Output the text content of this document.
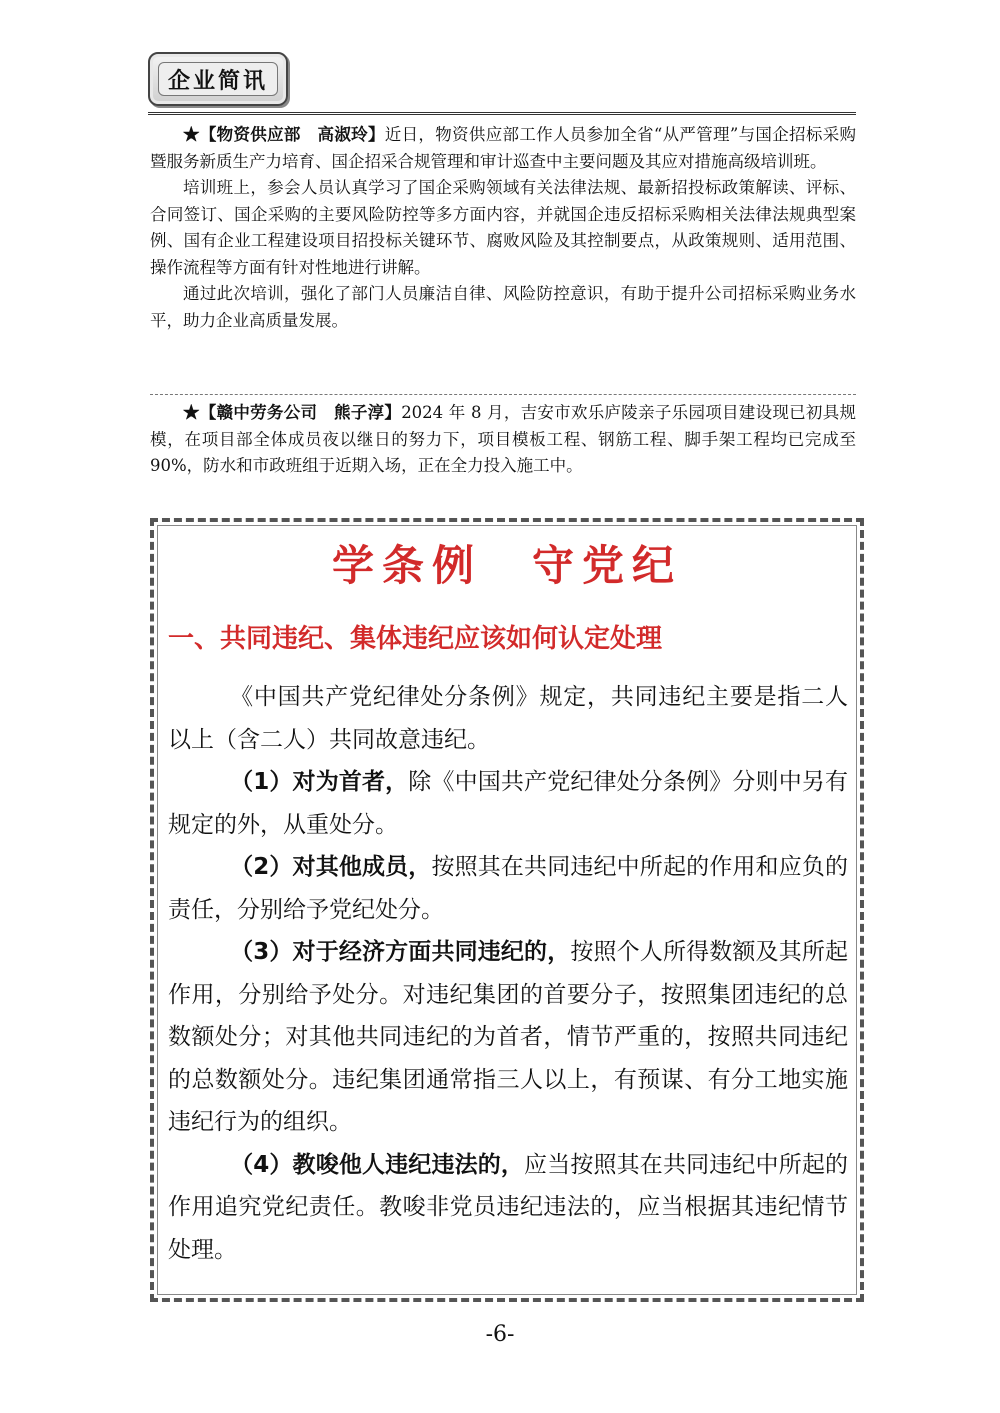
企业简讯

★【物资供应部　高淑玲】近日，物资供应部工作人员参加全省“从严管理”与国企招标采购暨服务新质生产力培育、国企招采合规管理和审计巡查中主要问题及其应对措施高级培训班。

培训班上，参会人员认真学习了国企采购领域有关法律法规、最新招投标政策解读、评标、合同签订、国企采购的主要风险防控等多方面内容，并就国企违反招标采购相关法律法规典型案例、国有企业工程建设项目招投标关键环节、腐败风险及其控制要点，从政策规则、适用范围、操作流程等方面有针对性地进行讲解。

通过此次培训，强化了部门人员廉洁自律、风险防控意识，有助于提升公司招标采购业务水平，助力企业高质量发展。

★【赣中劳务公司　熊子淳】2024 年 8 月，吉安市欢乐庐陵亲子乐园项目建设现已初具规模，在项目部全体成员夜以继日的努力下，项目模板工程、钢筋工程、脚手架工程均已完成至 90%，防水和市政班组于近期入场，正在全力投入施工中。

学条例　守党纪
一、共同违纪、集体违纪应该如何认定处理

《中国共产党纪律处分条例》规定，共同违纪主要是指二人以上（含二人）共同故意违纪。

（1）对为首者，除《中国共产党纪律处分条例》分则中另有规定的外，从重处分。

（2）对其他成员，按照其在共同违纪中所起的作用和应负的责任，分别给予党纪处分。

（3）对于经济方面共同违纪的，按照个人所得数额及其所起作用，分别给予处分。对违纪集团的首要分子，按照集团违纪的总数额处分；对其他共同违纪的为首者，情节严重的，按照共同违纪的总数额处分。违纪集团通常指三人以上，有预谋、有分工地实施违纪行为的组织。

（4）教唆他人违纪违法的，应当按照其在共同违纪中所起的作用追究党纪责任。教唆非党员违纪违法的，应当根据其违纪情节处理。

-6-
